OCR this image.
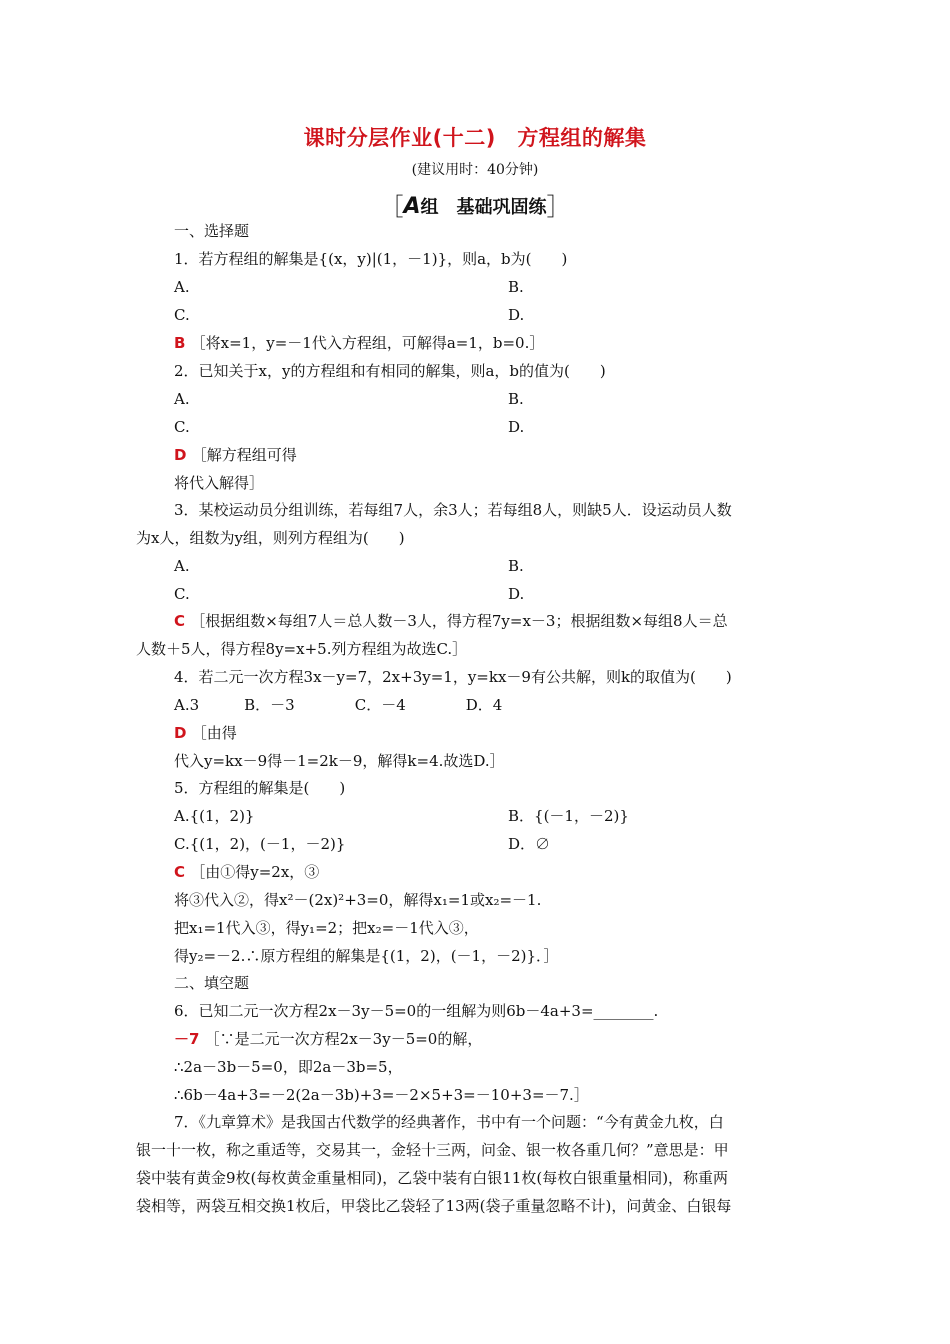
课时分层作业(十二)　方程组的解集
(建议用时：40分钟)
［A组　基础巩固练］
一、选择题
1．若方程组的解集是{(x，y)|(1，－1)}，则a，b为(　　)
A.	B.
C.	D.
B ［将x=1，y=－1代入方程组，可解得a=1，b=0.］
2．已知关于x，y的方程组和有相同的解集，则a，b的值为(　　)
A.	B.
C.	D.
D ［解方程组可得
将代入解得］
3．某校运动员分组训练，若每组7人，余3人；若每组8人，则缺5人．设运动员人数
为x人，组数为y组，则列方程组为(　　)
A.	B.
C.	D.
C ［根据组数×每组7人＝总人数－3人，得方程7y=x－3；根据组数×每组8人＝总
人数＋5人，得方程8y=x+5.列方程组为故选C.］
4．若二元一次方程3x－y=7，2x+3y=1，y=kx－9有公共解，则k的取值为(　　)
A.3　　　B．－3　　　　C．－4　　　　D．4
D ［由得
代入y=kx－9得－1=2k－9，解得k=4.故选D.］
5．方程组的解集是(　　)
A.{(1，2)}	B．{(－1，－2)}
C.{(1，2)，(－1，－2)}	D．∅
C ［由①得y=2x，③
将③代入②，得x²－(2x)²+3=0，解得x₁=1或x₂=－1.
把x₁=1代入③，得y₁=2；把x₂=－1代入③，
得y₂=－2.∴原方程组的解集是{(1，2)，(－1，－2)}．］
二、填空题
6．已知二元一次方程2x－3y－5=0的一组解为则6b－4a+3=________.
－7 ［∵是二元一次方程2x－3y－5=0的解，
∴2a－3b－5=0，即2a－3b=5，
∴6b－4a+3=－2(2a－3b)+3=－2×5+3=－10+3=－7.］
7．《九章算术》是我国古代数学的经典著作，书中有一个问题：“今有黄金九枚，白
银一十一枚，称之重适等，交易其一，金轻十三两，问金、银一枚各重几何？”意思是：甲
袋中装有黄金9枚(每枚黄金重量相同)，乙袋中装有白银11枚(每枚白银重量相同)，称重两
袋相等，两袋互相交换1枚后，甲袋比乙袋轻了13两(袋子重量忽略不计)，问黄金、白银每
